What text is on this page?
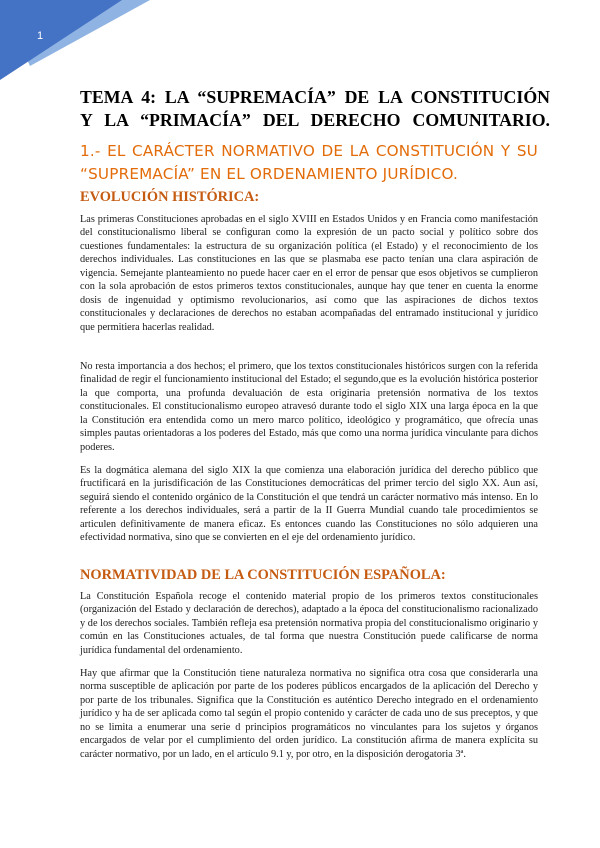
1
TEMA 4: LA “SUPREMACÍA” DE LA CONSTITUCIÓN
Y LA “PRIMACÍA” DEL DERECHO COMUNITARIO.
1.- EL CARÁCTER NORMATIVO DE LA CONSTITUCIÓN Y SU
“SUPREMACÍA” EN EL ORDENAMIENTO JURÍDICO.
EVOLUCIÓN HISTÓRICA:

Las primeras Constituciones aprobadas en el siglo XVIII en Estados Unidos y en Francia como manifestación del constitucionalismo liberal se configuran como la expresión de un pacto social y político sobre dos cuestiones fundamentales: la estructura de su organización política (el Estado) y el reconocimiento de los derechos individuales. Las constituciones en las que se plasmaba ese pacto tenían una clara aspiración de vigencia. Semejante planteamiento no puede hacer caer en el error de pensar que esos objetivos se cumplieron con la sola aprobación de estos primeros textos constitucionales, aunque hay que tener en cuenta la enorme dosis de ingenuidad y optimismo revolucionarios, así como que las aspiraciones de dichos textos constitucionales y declaraciones de derechos no estaban acompañadas del entramado institucional y jurídico que permitiera hacerlas realidad.

No resta importancia a dos hechos; el primero, que los textos constitucionales históricos surgen con la referida finalidad de regir el funcionamiento institucional del Estado; el segundo,que es la evolución histórica posterior la que comporta, una profunda devaluación de esta originaria pretensión normativa de los textos constitucionales. El constitucionalismo europeo atravesó durante todo el siglo XIX una larga época en la que la Constitución era entendida como un mero marco político, ideológico y programático, que ofrecía unas simples pautas orientadoras a los poderes del Estado, más que como una norma jurídica vinculante para dichos poderes.

Es la dogmática alemana del siglo XIX la que comienza una elaboración jurídica del derecho público que fructificará en la jurisdificación de las Constituciones democráticas del primer tercio del siglo XX. Aun así, seguirá siendo el contenido orgánico de la Constitución el que tendrá un carácter normativo más intenso. En lo referente a los derechos individuales, será a partir de la II Guerra Mundial cuando tale procedimientos se articulen definitivamente de manera eficaz. Es entonces cuando las Constituciones no sólo adquieren una efectividad normativa, sino que se convierten en el eje del ordenamiento jurídico.

NORMATIVIDAD DE LA CONSTITUCIÓN ESPAÑOLA:

La Constitución Española recoge el contenido material propio de los primeros textos constitucionales (organización del Estado y declaración de derechos), adaptado a la época del constitucionalismo racionalizado y de los derechos sociales. También refleja esa pretensión normativa propia del constitucionalismo originario y común en las Constituciones actuales, de tal forma que nuestra Constitución puede calificarse de norma jurídica fundamental del ordenamiento.

Hay que afirmar que la Constitución tiene naturaleza normativa no significa otra cosa que considerarla una norma susceptible de aplicación por parte de los poderes públicos encargados de la aplicación del Derecho y por parte de los tribunales. Significa que la Constitución es auténtico Derecho integrado en el ordenamiento jurídico y ha de ser aplicada como tal según el propio contenido y carácter de cada uno de sus preceptos, y que no se limita a enumerar una serie d principios programáticos no vinculantes para los sujetos y órganos encargados de velar por el cumplimiento del orden jurídico. La constitución afirma de manera explícita su carácter normativo, por un lado, en el artículo 9.1 y, por otro, en la disposición derogatoria 3ª.
